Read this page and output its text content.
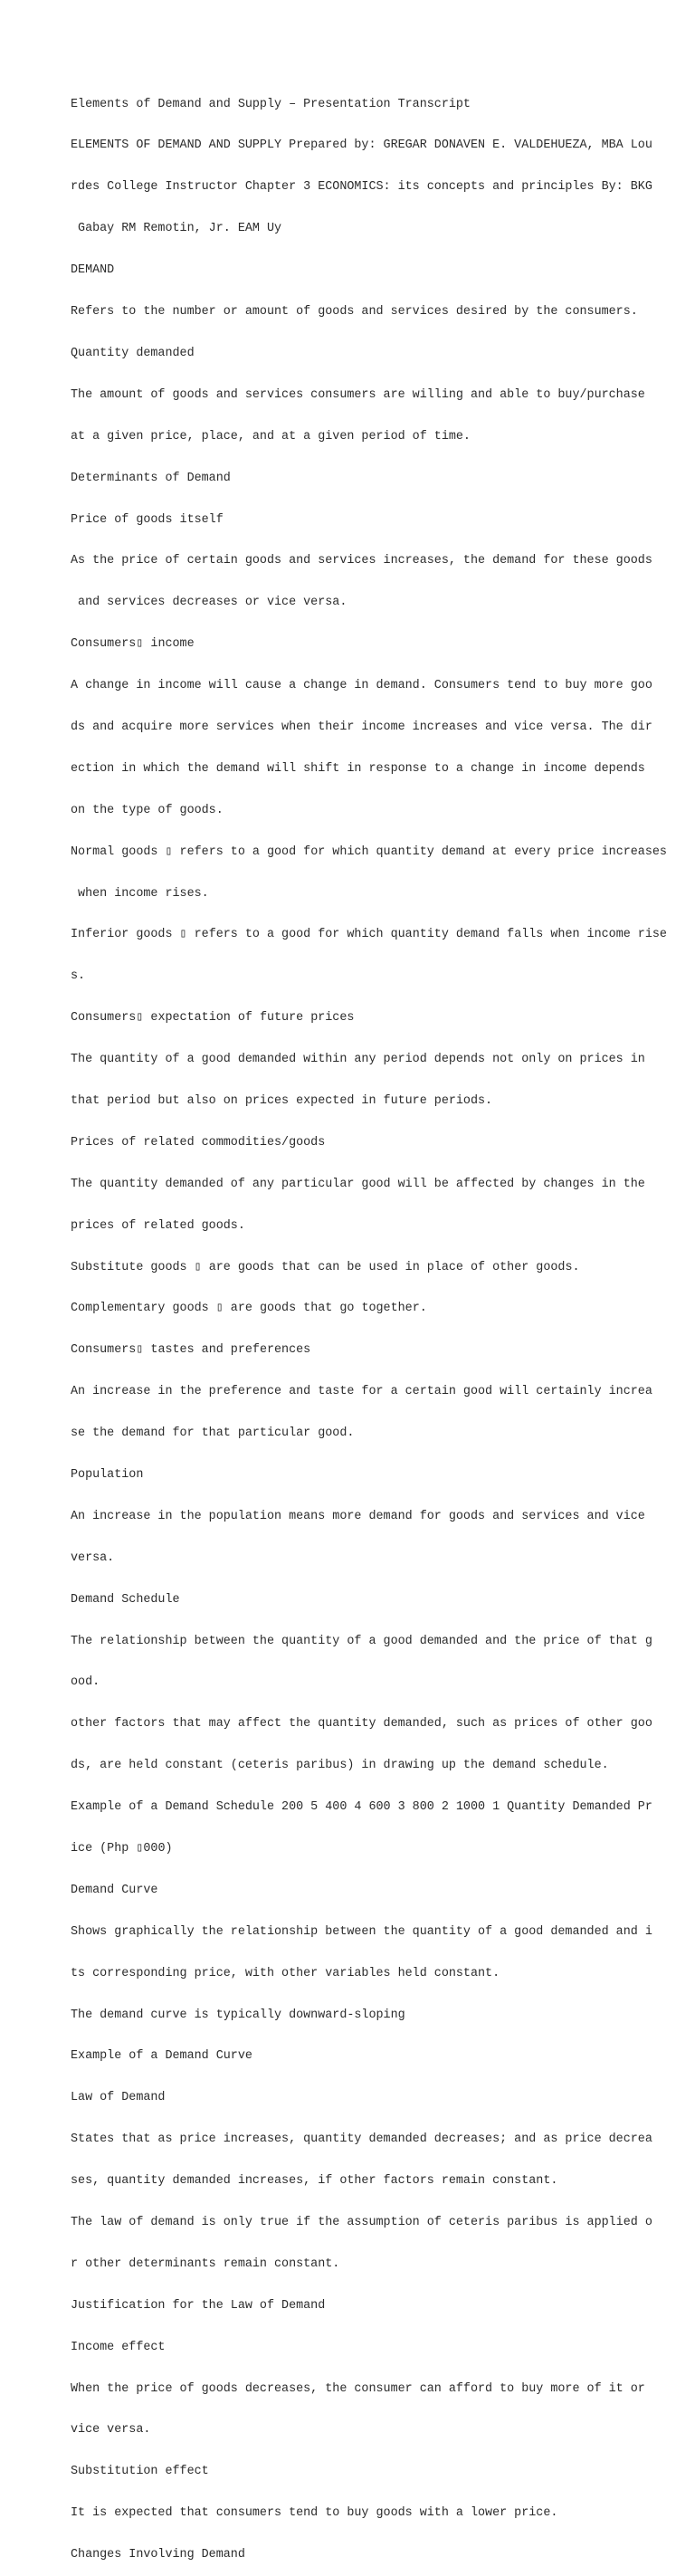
Elements of Demand and Supply – Presentation Transcript

ELEMENTS OF DEMAND AND SUPPLY Prepared by: GREGAR DONAVEN E. VALDEHUEZA, MBA Lou

rdes College Instructor Chapter 3 ECONOMICS: its concepts and principles By: BKG

Gabay RM Remotin, Jr. EAM Uy

DEMAND

Refers to the number or amount of goods and services desired by the consumers.

Quantity demanded

The amount of goods and services consumers are willing and able to buy/purchase

at a given price, place, and at a given period of time.

Determinants of Demand

Price of goods itself

As the price of certain goods and services increases, the demand for these goods

and services decreases or vice versa.

Consumers▯ income

A change in income will cause a change in demand. Consumers tend to buy more goo

ds and acquire more services when their income increases and vice versa. The dir

ection in which the demand will shift in response to a change in income depends

on the type of goods.

Normal goods ▯ refers to a good for which quantity demand at every price increases

when income rises.

Inferior goods ▯ refers to a good for which quantity demand falls when income rise

s.

Consumers▯ expectation of future prices

The quantity of a good demanded within any period depends not only on prices in

that period but also on prices expected in future periods.

Prices of related commodities/goods

The quantity demanded of any particular good will be affected by changes in the

prices of related goods.

Substitute goods ▯ are goods that can be used in place of other goods.

Complementary goods ▯ are goods that go together.

Consumers▯ tastes and preferences

An increase in the preference and taste for a certain good will certainly increa

se the demand for that particular good.

Population

An increase in the population means more demand for goods and services and vice

versa.

Demand Schedule

The relationship between the quantity of a good demanded and the price of that g

ood.

other factors that may affect the quantity demanded, such as prices of other goo

ds, are held constant (ceteris paribus) in drawing up the demand schedule.

Example of a Demand Schedule 200 5 400 4 600 3 800 2 1000 1 Quantity Demanded Pr

ice (Php ▯000)

Demand Curve

Shows graphically the relationship between the quantity of a good demanded and i

ts corresponding price, with other variables held constant.

The demand curve is typically downward-sloping

Example of a Demand Curve

Law of Demand

States that as price increases, quantity demanded decreases; and as price decrea

ses, quantity demanded increases, if other factors remain constant.

The law of demand is only true if the assumption of ceteris paribus is applied o

r other determinants remain constant.

Justification for the Law of Demand

Income effect

When the price of goods decreases, the consumer can afford to buy more of it or

vice versa.

Substitution effect

It is expected that consumers tend to buy goods with a lower price.

Changes Involving Demand
